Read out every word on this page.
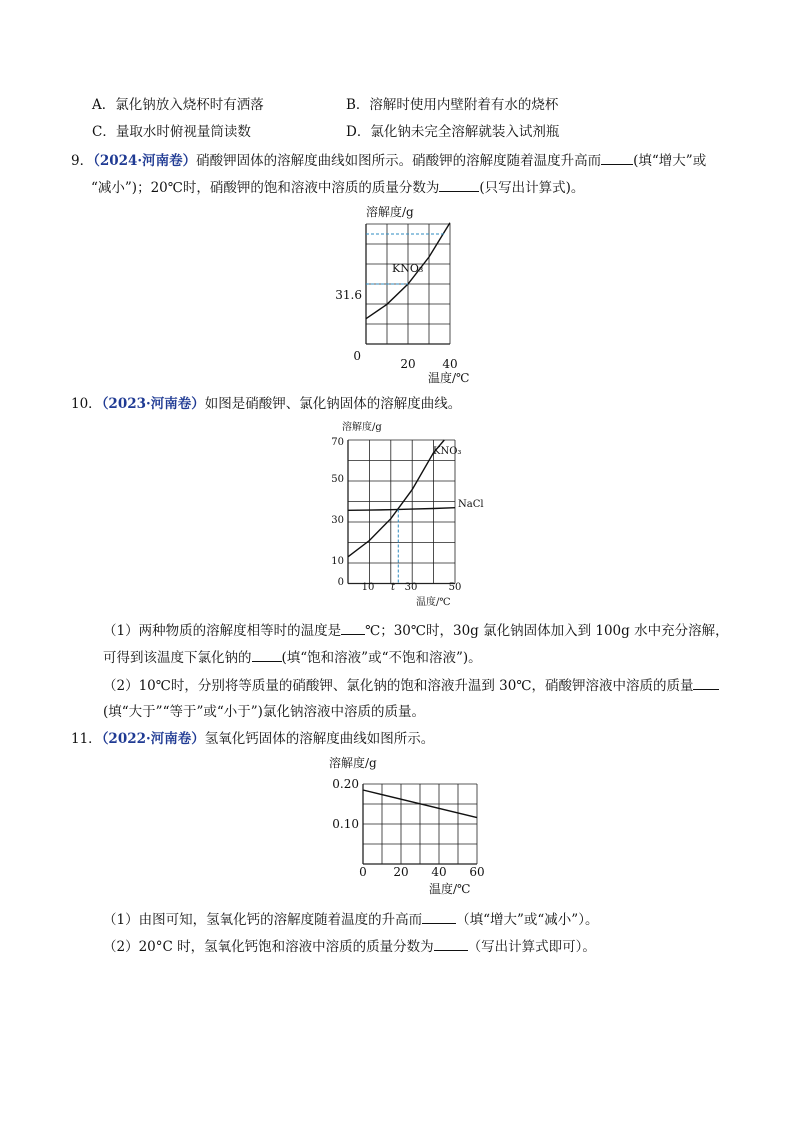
A．氯化钠放入烧杯时有洒落	B．溶解时使用内壁附着有水的烧杯
C．量取水时俯视量筒读数	D．氯化钠未完全溶解就装入试剂瓶
9．（2024·河南卷）硝酸钾固体的溶解度曲线如图所示。硝酸钾的溶解度随着温度升高而 (填“增大”或
“减小”)；20℃时，硝酸钾的饱和溶液中溶质的质量分数为	(只写出计算式)。
溶解度/g
31.6
0
20 40
温度/℃
KNO₃
10．（2023·河南卷）如图是硝酸钾、氯化钠固体的溶解度曲线。
溶解度/g
70
50
30
10
0 10 t 30	50
温度/℃
KNO₃
NaCl
（1）两种物质的溶解度相等时的温度是 ℃；30℃时，30g 氯化钠固体加入到 100g 水中充分溶解，
可得到该温度下氯化钠的 (填“饱和溶液”或“不饱和溶液”)。
（2）10℃时，分别将等质量的硝酸钾、氯化钠的饱和溶液升温到 30℃，硝酸钾溶液中溶质的质量
(填“大于”“等于”或“小于”)氯化钠溶液中溶质的质量。
11．（2022·河南卷）氢氧化钙固体的溶解度曲线如图所示。
溶解度/g
0.20
0.10
0 20 40 60
温度/℃
（1）由图可知，氢氧化钙的溶解度随着温度的升高而	（填“增大”或“减小”）。
（2）20°C 时，氢氧化钙饱和溶液中溶质的质量分数为	（写出计算式即可）。
